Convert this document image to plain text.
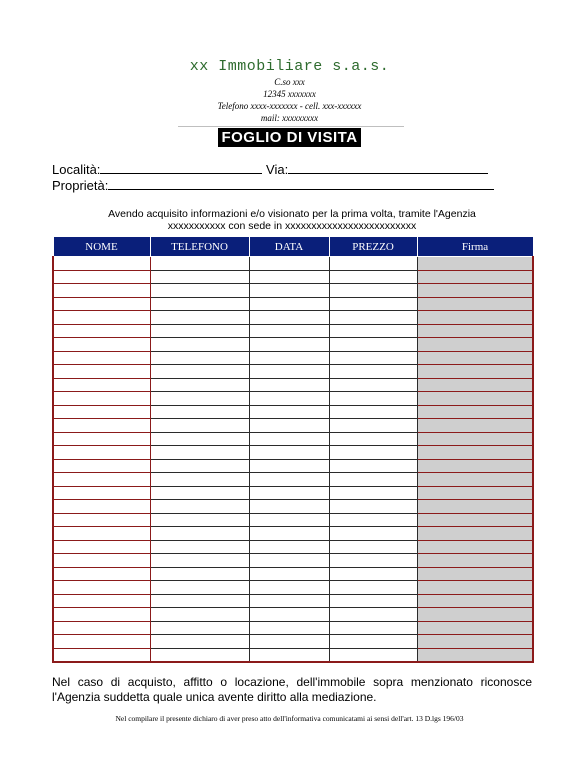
xx Immobiliare s.a.s.
C.so xxx
12345 xxxxxxx
Telefono xxxx-xxxxxxx - cell. xxx-xxxxxx
mail: xxxxxxxxx
FOGLIO DI VISITA
Località:	Via:
Proprietà:
Avendo acquisito informazioni e/o visionato per la prima volta, tramite l'Agenzia
xxxxxxxxxxx con sede in xxxxxxxxxxxxxxxxxxxxxxxxx
NOME	TELEFONO	DATA	PREZZO	Firma

Nel caso di acquisto, affitto o locazione, dell'immobile sopra menzionato riconosce l'Agenzia suddetta quale unica avente diritto alla mediazione.
Nel compilare il presente dichiaro di aver preso atto dell'informativa comunicatami ai sensi dell'art. 13 D.lgs 196/03
